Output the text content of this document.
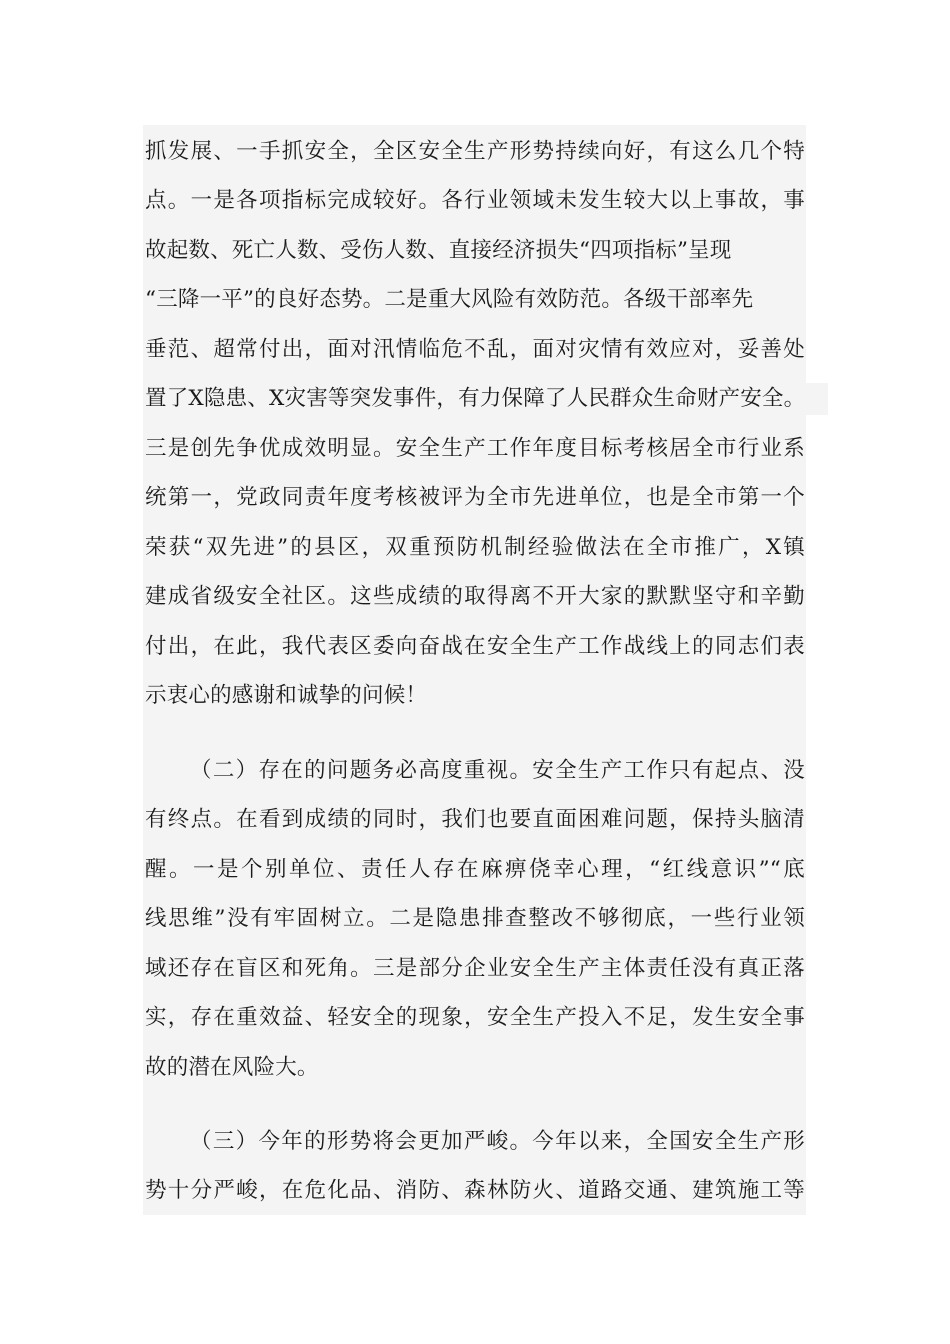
抓发展、一手抓安全，全区安全生产形势持续向好，有这么几个特
点。一是各项指标完成较好。各行业领域未发生较大以上事故，事
故起数、死亡人数、受伤人数、直接经济损失“四项指标”呈现
“三降一平”的良好态势。二是重大风险有效防范。各级干部率先
垂范、超常付出，面对汛情临危不乱，面对灾情有效应对，妥善处
置了X隐患、X灾害等突发事件，有力保障了人民群众生命财产安全。
三是创先争优成效明显。安全生产工作年度目标考核居全市行业系
统第一，党政同责年度考核被评为全市先进单位，也是全市第一个
荣获“双先进”的县区，双重预防机制经验做法在全市推广，X镇
建成省级安全社区。这些成绩的取得离不开大家的默默坚守和辛勤
付出，在此，我代表区委向奋战在安全生产工作战线上的同志们表
示衷心的感谢和诚挚的问候！
（二）存在的问题务必高度重视。安全生产工作只有起点、没
有终点。在看到成绩的同时，我们也要直面困难问题，保持头脑清
醒。一是个别单位、责任人存在麻痹侥幸心理，“红线意识”“底
线思维”没有牢固树立。二是隐患排查整改不够彻底，一些行业领
域还存在盲区和死角。三是部分企业安全生产主体责任没有真正落
实，存在重效益、轻安全的现象，安全生产投入不足，发生安全事
故的潜在风险大。
（三）今年的形势将会更加严峻。今年以来，全国安全生产形
势十分严峻，在危化品、消防、森林防火、道路交通、建筑施工等
